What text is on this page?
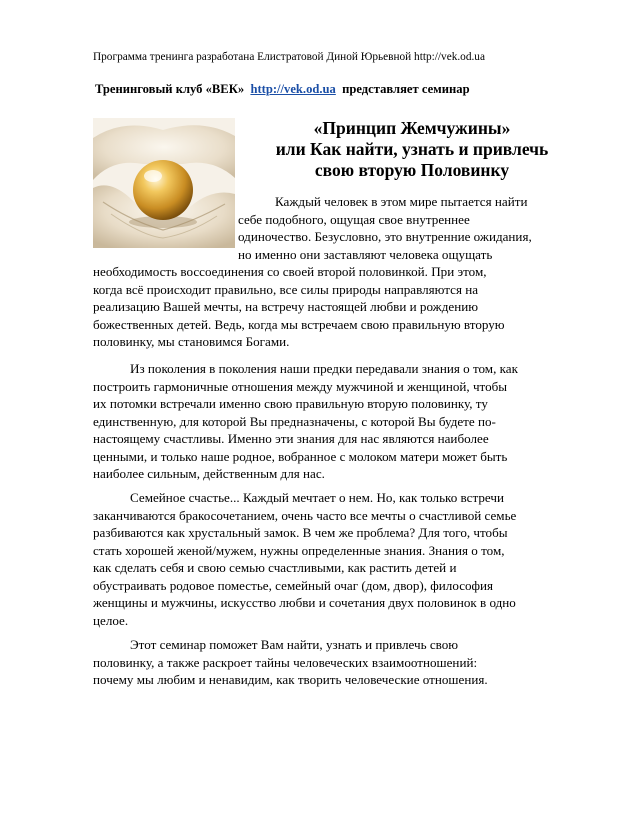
Программа тренинга разработана Елистратовой Диной Юрьевной http://vek.od.ua
Тренинговый клуб «ВЕК» http://vek.od.ua представляет семинар
«Принцип Жемчужины»
или Как найти, узнать и привлечь
свою вторую Половинку

Каждый человек в этом мире пытается найти

себе подобного, ощущая свое внутреннее

одиночество. Безусловно, это внутренние ожидания,

но именно они заставляют человека ощущать

необходимость воссоединения со своей второй половинкой. При этом,
когда всё происходит правильно, все силы природы направляются на
реализацию Вашей мечты, на встречу настоящей любви и рождению
божественных детей. Ведь, когда мы встречаем свою правильную вторую
половинку, мы становимся Богами.
Из поколения в поколения наши предки передавали знания о том, как
построить гармоничные отношения между мужчиной и женщиной, чтобы
их потомки встречали именно свою правильную вторую половинку, ту
единственную, для которой Вы предназначены, с которой Вы будете по-
настоящему счастливы. Именно эти знания для нас являются наиболее
ценными, и только наше родное, вобранное с молоком матери может быть
наиболее сильным, действенным для нас.
Семейное счастье... Каждый мечтает о нем. Но, как только встречи
заканчиваются бракосочетанием, очень часто все мечты о счастливой семье
разбиваются как хрустальный замок. В чем же проблема? Для того, чтобы
стать хорошей женой/мужем, нужны определенные знания. Знания о том,
как сделать себя и свою семью счастливыми, как растить детей и
обустраивать родовое поместье, семейный очаг (дом, двор), философия
женщины и мужчины, искусство любви и сочетания двух половинок в одно
целое.
Этот семинар поможет Вам найти, узнать и привлечь свою
половинку, а также раскроет тайны человеческих взаимоотношений:
почему мы любим и ненавидим, как творить человеческие отношения.
